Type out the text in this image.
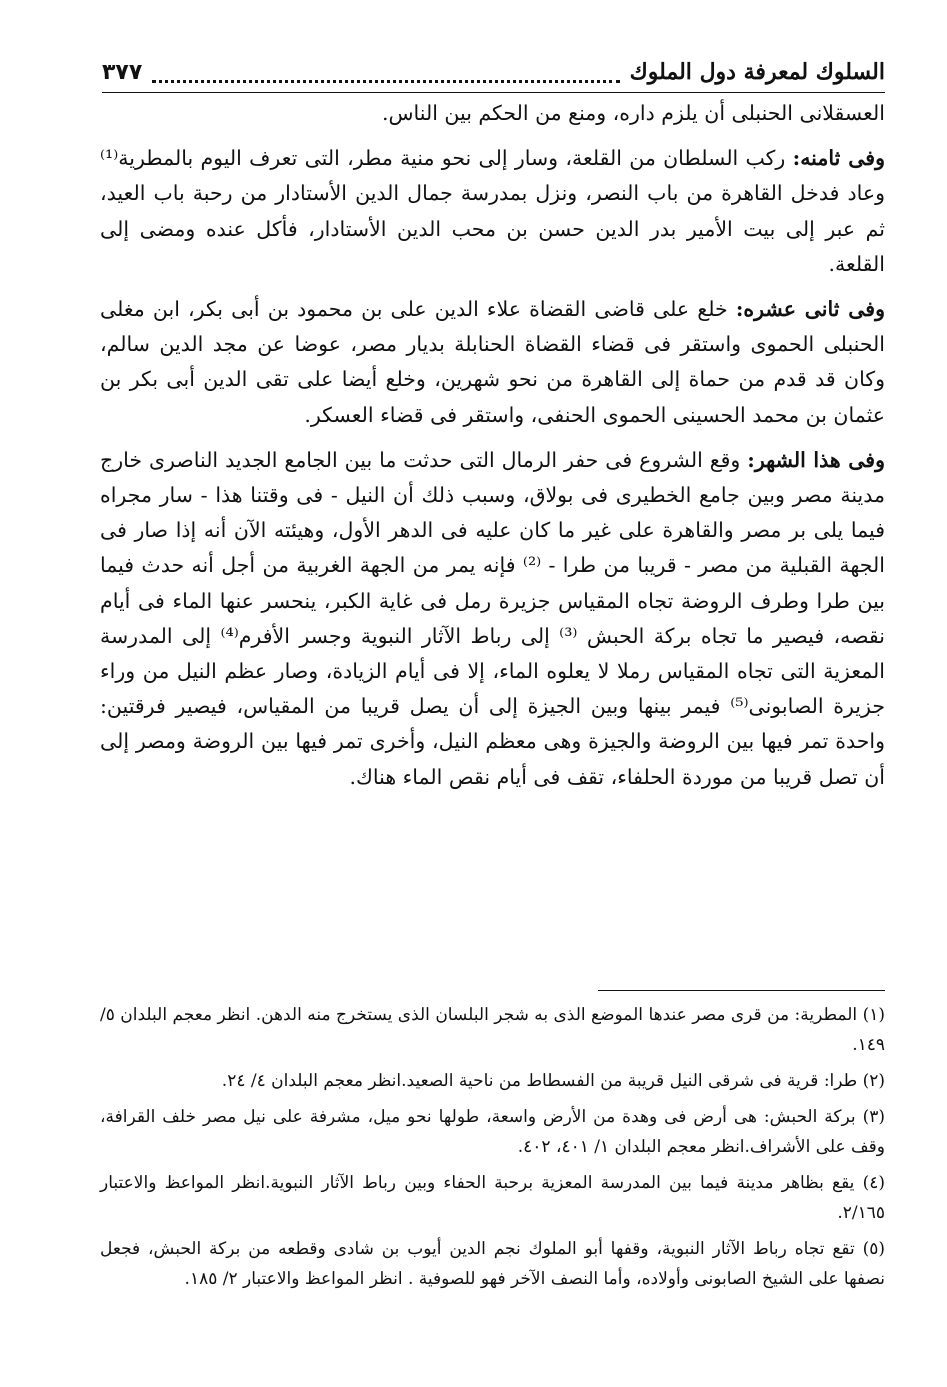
السلوك لمعرفة دول الملوك
٣٧٧

العسقلانى الحنبلى أن يلزم داره، ومنع من الحكم بين الناس.

وفى ثامنه: ركب السلطان من القلعة، وسار إلى نحو منية مطر، التى تعرف اليوم بالمطرية⁽¹⁾ وعاد فدخل القاهرة من باب النصر، ونزل بمدرسة جمال الدين الأستادار من رحبة باب العيد، ثم عبر إلى بيت الأمير بدر الدين حسن بن محب الدين الأستادار، فأكل عنده ومضى إلى القلعة.

وفى ثانى عشره: خلع على قاضى القضاة علاء الدين على بن محمود بن أبى بكر، ابن مغلى الحنبلى الحموى واستقر فى قضاء القضاة الحنابلة بديار مصر، عوضا عن مجد الدين سالم، وكان قد قدم من حماة إلى القاهرة من نحو شهرين، وخلع أيضا على تقى الدين أبى بكر بن عثمان بن محمد الحسينى الحموى الحنفى، واستقر فى قضاء العسكر.

وفى هذا الشهر: وقع الشروع فى حفر الرمال التى حدثت ما بين الجامع الجديد الناصرى خارج مدينة مصر وبين جامع الخطيرى فى بولاق، وسبب ذلك أن النيل - فى وقتنا هذا - سار مجراه فيما يلى بر مصر والقاهرة على غير ما كان عليه فى الدهر الأول، وهيئته الآن أنه إذا صار فى الجهة القبلية من مصر - قريبا من طرا - ⁽²⁾ فإنه يمر من الجهة الغربية من أجل أنه حدث فيما بين طرا وطرف الروضة تجاه المقياس جزيرة رمل فى غاية الكبر، ينحسر عنها الماء فى أيام نقصه، فيصير ما تجاه بركة الحبش ⁽³⁾ إلى رباط الآثار النبوية وجسر الأفرم⁽⁴⁾ إلى المدرسة المعزية التى تجاه المقياس رملا لا يعلوه الماء، إلا فى أيام الزيادة، وصار عظم النيل من وراء جزيرة الصابونى⁽⁵⁾ فيمر بينها وبين الجيزة إلى أن يصل قريبا من المقياس، فيصير فرقتين: واحدة تمر فيها بين الروضة والجيزة وهى معظم النيل، وأخرى تمر فيها بين الروضة ومصر إلى أن تصل قريبا من موردة الحلفاء، تقف فى أيام نقص الماء هناك.

(١) المطرية: من قرى مصر عندها الموضع الذى به شجر البلسان الذى يستخرج منه الدهن. انظر معجم البلدان ٥/ ١٤٩.

(٢) طرا: قرية فى شرقى النيل قريبة من الفسطاط من ناحية الصعيد.انظر معجم البلدان ٤/ ٢٤.

(٣) بركة الحبش: هى أرض فى وهدة من الأرض واسعة، طولها نحو ميل، مشرفة على نيل مصر خلف القرافة، وقف على الأشراف.انظر معجم البلدان ١/ ٤٠١، ٤٠٢.

(٤) يقع بظاهر مدينة فيما بين المدرسة المعزية برحبة الحفاء وبين رباط الآثار النبوية.انظر المواعظ والاعتبار ٢/١٦٥.

(٥) تقع تجاه رباط الآثار النبوية، وقفها أبو الملوك نجم الدين أيوب بن شادى وقطعه من بركة الحبش، فجعل نصفها على الشيخ الصابونى وأولاده، وأما النصف الآخر فهو للصوفية . انظر المواعظ والاعتبار ٢/ ١٨٥.
